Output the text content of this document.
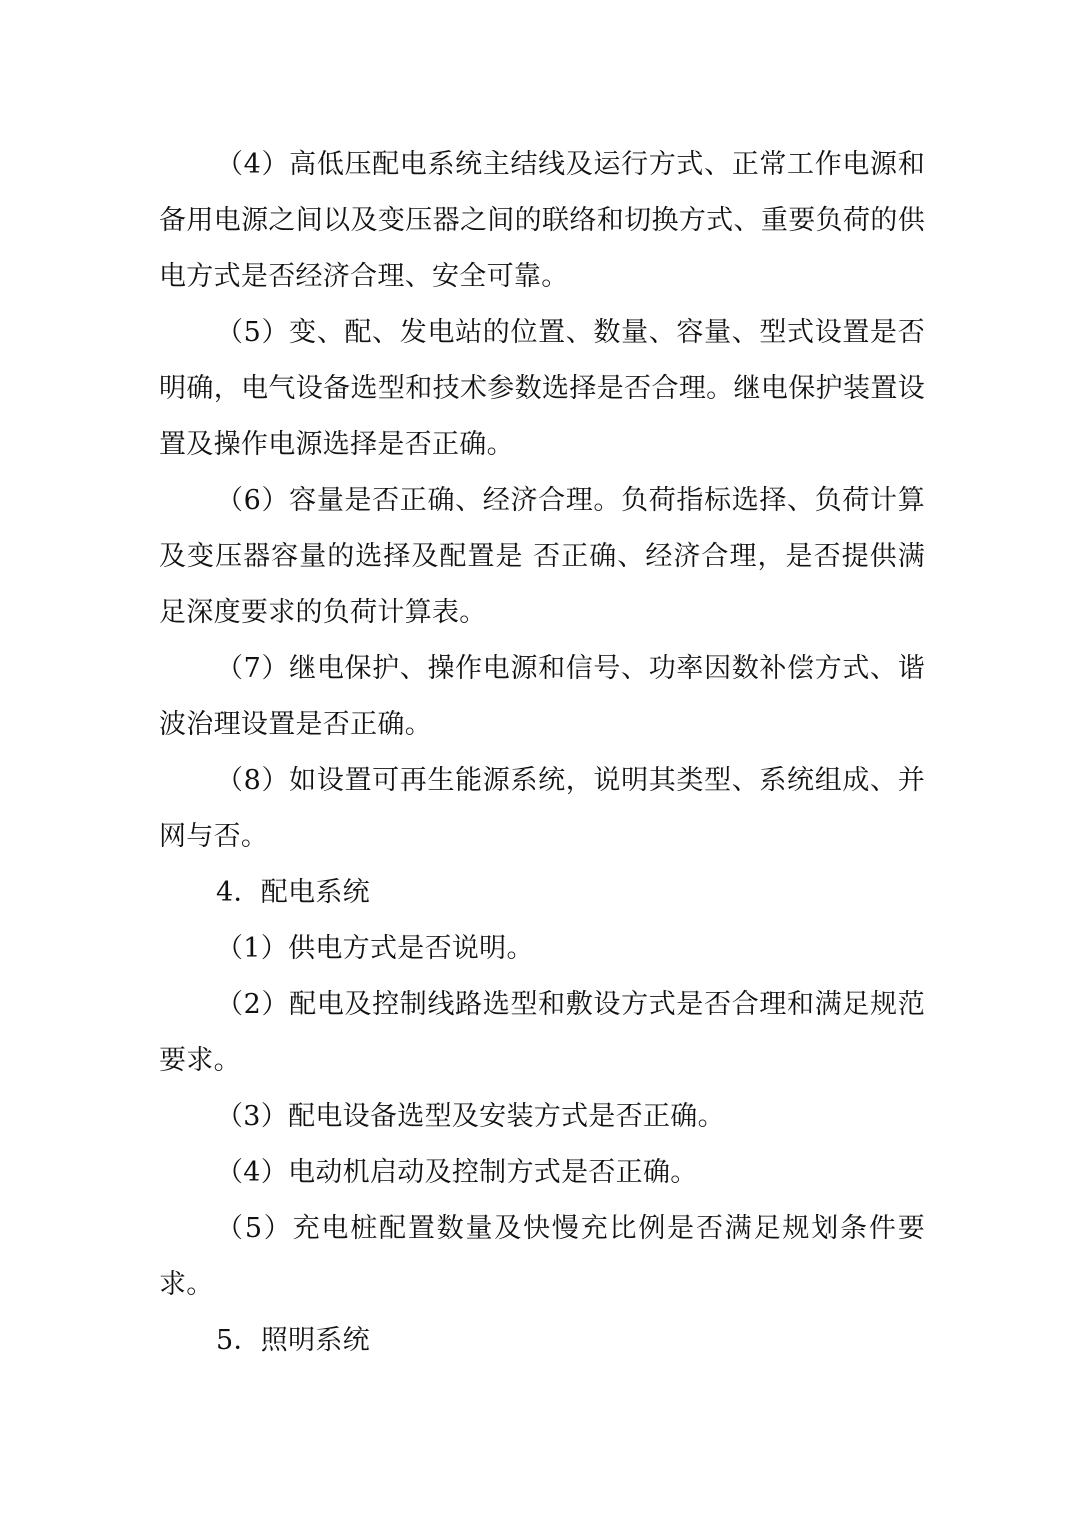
（4）高低压配电系统主结线及运行方式、正常工作电源和备用电源之间以及变压器之间的联络和切换方式、重要负荷的供电方式是否经济合理、安全可靠。

（5）变、配、发电站的位置、数量、容量、型式设置是否明确，电气设备选型和技术参数选择是否合理。继电保护装置设置及操作电源选择是否正确。

（6）容量是否正确、经济合理。负荷指标选择、负荷计算及变压器容量的选择及配置是 否正确、经济合理，是否提供满足深度要求的负荷计算表。

（7）继电保护、操作电源和信号、功率因数补偿方式、谐波治理设置是否正确。

（8）如设置可再生能源系统，说明其类型、系统组成、并网与否。

4．配电系统

（1）供电方式是否说明。

（2）配电及控制线路选型和敷设方式是否合理和满足规范要求。

（3）配电设备选型及安装方式是否正确。

（4）电动机启动及控制方式是否正确。

（5）充电桩配置数量及快慢充比例是否满足规划条件要求。

5．照明系统
